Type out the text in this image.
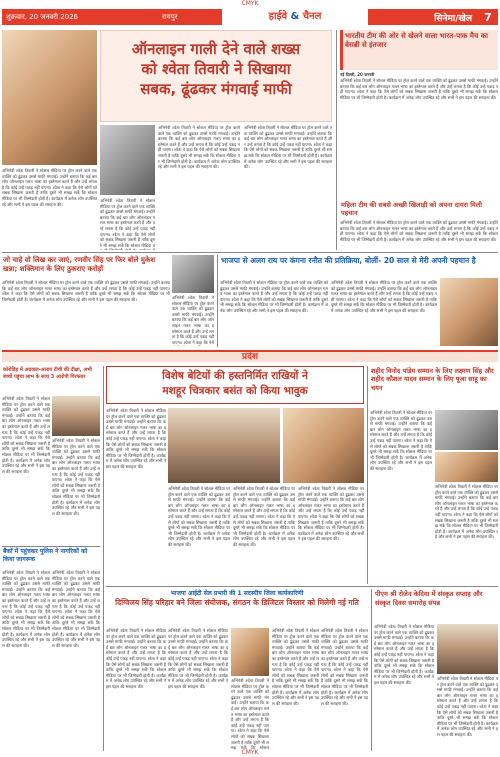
CMYK
शुक्रवार, 20 जनवरी 2026	रायपुर	हाईवे & चैनल	सिनेमा/खेल	7
ऑनलाइन गाली देने वाले शख्स
को श्वेता तिवारी ने सिखाया
सबक, ढूंढकर मंगवाई माफी
अभिनेत्री श्वेता तिवारी ने सोशल मीडिया पर ट्रोल करने वाले एक व्यक्ति को ढूंढकर उससे माफी मंगवाई। उन्होंने बताया कि कई बार लोग ऑनलाइन गलत भाषा का इस्तेमाल करते हैं और उन्हें लगता है कि कोई उन्हें पकड़ नहीं पाएगा। श्वेता ने कहा कि ऐसे लोगों को सबक सिखाना जरूरी है ताकि दूसरे भी समझ सकें कि सोशल मीडिया पर भी जिम्मेदारी होती है। कार्यक्रम में अनेक लोग उपस्थित रहे और सभी ने इस पहल की सराहना की।
अभिनेत्री श्वेता तिवारी ने सोशल मीडिया पर ट्रोल करने वाले एक व्यक्ति को ढूंढकर उससे माफी मंगवाई। उन्होंने बताया कि कई बार लोग ऑनलाइन गलत भाषा का इस्तेमाल करते हैं और उन्हें लगता है कि कोई उन्हें पकड़ नहीं पाएगा। श्वेता ने कहा कि ऐसे लोगों को सबक सिखाना जरूरी है ताकि दूसरे भी समझ सकें कि सोशल मीडिया पर भी जिम्मेदारी होती है। कार्यक्रम में अनेक लोग उपस्थित रहे और सभी ने इस पहल की सराहना की।
अभिनेत्री श्वेता तिवारी ने सोशल मीडिया पर ट्रोल करने वाले एक व्यक्ति को ढूंढकर उससे माफी मंगवाई। उन्होंने बताया कि कई बार लोग ऑनलाइन गलत भाषा का इस्तेमाल करते हैं और उन्हें लगता है कि कोई उन्हें पकड़ नहीं पाएगा। श्वेता ने कहा कि ऐसे लोगों को सबक सिखाना जरूरी है ताकि दूसरे भी समझ सकें कि सोशल मीडिया पर भी जिम्मेदारी होती है। कार्यक्रम में अनेक लोग उपस्थित रहे और सभी ने इस पहल की सराहना की।
अभिनेत्री श्वेता तिवारी ने सोशल मीडिया पर ट्रोल करने वाले एक व्यक्ति को ढूंढकर उससे माफी मंगवाई। उन्होंने बताया कि कई बार लोग ऑनलाइन गलत भाषा का इस्तेमाल करते हैं और उन्हें लगता है कि कोई उन्हें पकड़ नहीं पाएगा। श्वेता ने कहा कि ऐसे लोगों को सबक सिखाना जरूरी है ताकि दूसरे भी समझ सकें कि सोशल मीडिया प
भारतीय टीम की ओर से खेलने वाला भारत-पाक मैच का बेसब्री से इंतजार
नई दिल्ली, 20 जनवरी
अभिनेत्री श्वेता तिवारी ने सोशल मीडिया पर ट्रोल करने वाले एक व्यक्ति को ढूंढकर उससे माफी मंगवाई। उन्होंने बताया कि कई बार लोग ऑनलाइन गलत भाषा का इस्तेमाल करते हैं और उन्हें लगता है कि कोई उन्हें पकड़ नहीं पाएगा। श्वेता ने कहा कि ऐसे लोगों को सबक सिखाना जरूरी है ताकि दूसरे भी समझ सकें कि सोशल मीडिया पर भी जिम्मेदारी होती है। कार्यक्रम में अनेक लोग उपस्थित रहे और सभी ने इस पहल की सराहना की।
महिला टीम की सबसे अच्छी खिलाड़ी को अपना दायरा मिली पहचान
अभिनेत्री श्वेता तिवारी ने सोशल मीडिया पर ट्रोल करने वाले एक व्यक्ति को ढूंढकर उससे माफी मंगवाई। उन्होंने बताया कि कई बार लोग ऑनलाइन गलत भाषा का इस्तेमाल करते हैं और उन्हें लगता है कि कोई उन्हें पकड़ नहीं पाएगा। श्वेता ने कहा कि ऐसे लोगों को सबक सिखाना जरूरी है ताकि दूसरे भी समझ सकें कि सोशल मीडिया पर भी जिम्मेदारी होती है। कार्यक्रम में अनेक लोग उपस्थित रहे और सभी ने इस पहल की सराहना की।
जो चाहे वो लिख कर जाएं, रणवीर सिंह पर फिर बोले मुकेश खन्ना; शक्तिमान के लिए ठुकराए करोड़ों
अभिनेत्री श्वेता तिवारी ने सोशल मीडिया पर ट्रोल करने वाले एक व्यक्ति को ढूंढकर उससे माफी मंगवाई। उन्होंने बताया कि कई बार लोग ऑनलाइन गलत भाषा का इस्तेमाल करते हैं और उन्हें लगता है कि कोई उन्हें पकड़ नहीं पाएगा। श्वेता ने कहा कि ऐसे लोगों को सबक सिखाना जरूरी है ताकि दूसरे भी समझ सकें कि सोशल मीडिया पर भी जिम्मेदारी होती है। कार्यक्रम में अनेक लोग उपस्थित रहे और सभी ने इस पहल की सराहना की।	अभिनेत्री श्वेता तिवारी ने सोशल मीडिया पर ट्रोल करने वाले एक व्यक्ति को ढूंढकर उससे माफी मंगवाई। उन्होंने बताया कि कई बार लोग ऑनलाइन गलत भाषा का इस्तेमाल करते हैं और उन्हें लगता है कि कोई उन्हें पकड़ नहीं पाएगा। श्वेता ने कहा कि ऐसे
भाजपा से अलग राय पर कंगना रनौत की प्रतिक्रिया, बोलीं- 20 साल से मेरी अपनी पहचान है
अभिनेत्री श्वेता तिवारी ने सोशल मीडिया पर ट्रोल करने वाले एक व्यक्ति को ढूंढकर उससे माफी मंगवाई। उन्होंने बताया कि कई बार लोग ऑनलाइन गलत भाषा का इस्तेमाल करते हैं और उन्हें लगता है कि कोई उन्हें पकड़ नहीं पाएगा। श्वेता ने कहा कि ऐसे लोगों को सबक सिखाना जरूरी है ताकि दूसरे भी समझ सकें कि सोशल मीडिया पर भी जिम्मेदारी होती है। कार्यक्रम में अनेक लोग उपस्थित रहे और सभी ने इस पहल की सराहना की।
अभिनेत्री श्वेता तिवारी ने सोशल मीडिया पर ट्रोल करने वाले एक व्यक्ति को ढूंढकर उससे माफी मंगवाई। उन्होंने बताया कि कई बार लोग ऑनलाइन गलत भाषा का इस्तेमाल करते हैं और उन्हें लगता है कि कोई उन्हें पकड़ नहीं पाएगा। श्वेता ने कहा कि ऐसे लोगों को सबक सिखाना जरूरी है ताकि दूसरे भी समझ सकें कि सोशल मीडिया पर भी जिम्मेदारी होती है। कार्यक्रम में अनेक लोग उपस्थित रहे और सभी ने इस पहल की सराहना की।
प्रदेश
कोरोडिह में अग्रवाल-अलाय टीची की दीक्षा, अभी बच्चों पहुंचा लाभ के साथ 3 आरोपी गिरफ्तार
अभिनेत्री श्वेता तिवारी ने सोशल मीडिया पर ट्रोल करने वाले एक व्यक्ति को ढूंढकर उससे माफी मंगवाई। उन्होंने बताया कि कई बार लोग ऑनलाइन गलत भाषा का इस्तेमाल करते हैं और उन्हें लगता है कि कोई उन्हें पकड़ नहीं पाएगा। श्वेता ने कहा कि ऐसे लोगों को सबक सिखाना जरूरी है ताकि दूसरे भी समझ सकें कि सोशल मीडिया पर भी जिम्मेदारी होती है। कार्यक्रम में अनेक लोग उपस्थित रहे और सभी ने इस पहल की सराहना की।
अभिनेत्री श्वेता तिवारी ने सोशल मीडिया पर ट्रोल करने वाले एक व्यक्ति को ढूंढकर उससे माफी मंगवाई। उन्होंने बताया कि कई बार लोग ऑनलाइन गलत भाषा का इस्तेमाल करते हैं और उन्हें लगता है कि कोई उन्हें पकड़ नहीं पाएगा। श्वेता ने कहा कि ऐसे लोगों को सबक सिखाना जरूरी है ताकि दूसरे भी समझ सकें कि सोशल मीडिया पर भी जिम्मेदारी होती है। कार्यक्रम में अनेक लोग उपस्थित रहे और सभी ने इस पहल की सराहना की।
बैंकों में पहुंचकर पुलिस ने नागरिकों को किया जागरूक
अभिनेत्री श्वेता तिवारी ने सोशल मीडिया पर ट्रोल करने वाले एक व्यक्ति को ढूंढकर उससे माफी मंगवाई। उन्होंने बताया कि कई बार लोग ऑनलाइन गलत भाषा का इस्तेमाल करते हैं और उन्हें लगता है कि कोई उन्हें पकड़ नहीं पाएगा। श्वेता ने कहा कि ऐसे लोगों को सबक सिखाना जरूरी है ताकि दूसरे भी समझ सकें कि सोशल मीडिया पर भी जिम्मेदारी होती है। कार्यक्रम में अनेक लोग उपस्थित रहे और सभी ने इस पहल की सराहना की।
अभिनेत्री श्वेता तिवारी ने सोशल मीडिया पर ट्रोल करने वाले एक व्यक्ति को ढूंढकर उससे माफी मंगवाई। उन्होंने बताया कि कई बार लोग ऑनलाइन गलत भाषा का इस्तेमाल करते हैं और उन्हें लगता है कि कोई उन्हें पकड़ नहीं पाएगा। श्वेता ने कहा कि ऐसे लोगों को सबक सिखाना जरूरी है ताकि दूसरे भी समझ सकें कि सोशल मीडिया पर भी जिम्मेदारी होती है। कार्यक्रम में अनेक लोग उपस्थित रहे और सभी ने इस पहल की सराहना की।
विशेष बेटियों की हस्तनिर्मित राखियों ने
मशहूर चित्रकार बसंत को किया भावुक
अभिनेत्री श्वेता तिवारी ने सोशल मीडिया पर ट्रोल करने वाले एक व्यक्ति को ढूंढकर उससे माफी मंगवाई। उन्होंने बताया कि कई बार लोग ऑनलाइन गलत भाषा का इस्तेमाल करते हैं और उन्हें लगता है कि कोई उन्हें पकड़ नहीं पाएगा। श्वेता ने कहा कि ऐसे लोगों को सबक सिखाना जरूरी है ताकि दूसरे भी समझ सकें कि सोशल मीडिया पर भी जिम्मेदारी होती है। कार्यक्रम में अनेक लोग उपस्थित रहे और सभी ने इस पहल की सराहना की।
अभिनेत्री श्वेता तिवारी ने सोशल मीडिया पर ट्रोल करने वाले एक व्यक्ति को ढूंढकर उससे माफी मंगवाई। उन्होंने बताया कि कई बार लोग ऑनलाइन गलत भाषा का इस्तेमाल करते हैं और उन्हें लगता है कि कोई उन्हें पकड़ नहीं पाएगा। श्वेता ने कहा कि ऐसे लोगों को सबक सिखाना जरूरी है ताकि दूसरे भी समझ सकें कि सोशल मीडिया पर भी जिम्मेदारी होती है। कार्यक्रम में अनेक लोग उपस्थित रहे और सभी ने इस पहल की सराहना की।
अभिनेत्री श्वेता तिवारी ने सोशल मीडिया पर ट्रोल करने वाले एक व्यक्ति को ढूंढकर उससे माफी मंगवाई। उन्होंने बताया कि कई बार लोग ऑनलाइन गलत भाषा का इस्तेमाल करते हैं और उन्हें लगता है कि कोई उन्हें पकड़ नहीं पाएगा। श्वेता ने कहा कि ऐसे लोगों को सबक सिखाना जरूरी है ताकि दूसरे भी समझ सकें कि सोशल मीडिया पर भी जिम्मेदारी होती है। कार्यक्रम में अनेक लोग उपस्थित रहे और सभी ने इस पहल की सराहना की।
अभिनेत्री श्वेता तिवारी ने सोशल मीडिया पर ट्रोल करने वाले एक व्यक्ति को ढूंढकर उससे माफी मंगवाई। उन्होंने बताया कि कई बार लोग ऑनलाइन गलत भाषा का इस्तेमाल करते हैं और उन्हें लगता है कि कोई उन्हें पकड़ नहीं पाएगा। श्वेता ने कहा कि ऐसे लोगों को सबक सिखाना जरूरी है ताकि दूसरे भी समझ सकें कि सोशल मीडिया पर भी जिम्मेदारी होती है। कार्यक्रम में अनेक लोग उपस्थित रहे और सभी ने इस पहल की सराहना की।
शहीद विनोद पांडेय सम्मान के लिए लक्ष्मण सिंह और शहीद कौशल यादव सम्मान के लिए पूजा साहू का चयन
अभिनेत्री श्वेता तिवारी ने सोशल मीडिया पर ट्रोल करने वाले एक व्यक्ति को ढूंढकर उससे माफी मंगवाई। उन्होंने बताया कि कई बार लोग ऑनलाइन गलत भाषा का इस्तेमाल करते हैं और उन्हें लगता है कि कोई उन्हें पकड़ नहीं पाएगा। श्वेता ने कहा कि ऐसे लोगों को सबक सिखाना जरूरी है ताकि दूसरे भी समझ सकें कि सोशल मीडिया पर भी जिम्मेदारी होती है। कार्यक्रम में अनेक लोग उपस्थित रहे और सभी ने इस पहल की सराहना की।
अभिनेत्री श्वेता तिवारी ने सोशल मीडिया पर ट्रोल करने वाले एक व्यक्ति को ढूंढकर उससे माफी मंगवाई। उन्होंने बताया कि कई बार लोग ऑनलाइन गलत भाषा का इस्तेमाल करते हैं और उन्हें लगता है कि कोई उन्हें पकड़ नहीं पाएगा। श्वेता ने कहा कि ऐसे लोगों को सबक सिखाना जरूरी है ताकि दूसरे भी समझ सकें कि सोशल मीडिया पर भी जिम्मेदारी होती है। कार्यक्रम में अनेक लोग उपस्थित रहे और सभी ने इस पहल की सराहना की।
भाजपा आईटी सेल प्रभारी की 1 सदस्यीय जिला कार्यकारिणी
दिग्विजय सिंह परिहार बने जिला संयोजक, संगठन के डिजिटल विस्तार को मिलेगी नई गति
अभिनेत्री श्वेता तिवारी ने सोशल मीडिया पर ट्रोल करने वाले एक व्यक्ति को ढूंढकर उससे माफी मंगवाई। उन्होंने बताया कि कई बार लोग ऑनलाइन गलत भाषा का इस्तेमाल करते हैं और उन्हें लगता है कि कोई उन्हें पकड़ नहीं पाएगा। श्वेता ने कहा कि ऐसे लोगों को सबक सिखाना जरूरी है ताकि दूसरे भी समझ सकें कि सोशल मीडिया पर भी जिम्मेदारी होती है। कार्यक्रम में अनेक लोग उपस्थित रहे और सभी ने इस पहल की सराहना की।
अभिनेत्री श्वेता तिवारी ने सोशल मीडिया पर ट्रोल करने वाले एक व्यक्ति को ढूंढकर उससे माफी मंगवाई। उन्होंने बताया कि कई बार लोग ऑनलाइन गलत भाषा का इस्तेमाल करते हैं और उन्हें लगता है कि कोई उन्हें पकड़ नहीं पाएगा। श्वेता ने कहा कि ऐसे लोगों को सबक सिखाना जरूरी है ताकि दूसरे भी समझ सकें कि सोशल मीडिया पर भी जिम्मेदारी होती है। कार्यक्रम में अनेक लोग उपस्थित रहे और सभी ने इस पहल की सराहना की।
अभिनेत्री श्वेता तिवारी ने सोशल मीडिया पर ट्रोल करने वाले एक व्यक्ति को ढूंढकर उससे माफी मंगवाई। उन्होंने बताया कि कई बार लोग ऑनलाइन गलत भाषा का इस्तेमाल करते हैं और उन्हें लगता है कि कोई उन्हें पकड़ नहीं पाएगा। श्वेता ने कहा कि ऐसे लोगों को सबक सिखाना जरूरी है ताकि दूसरे भी समझ सकें कि सोशल
अभिनेत्री श्वेता तिवारी ने सोशल मीडिया पर ट्रोल करने वाले एक व्यक्ति को ढूंढकर उससे माफी मंगवाई। उन्होंने बताया कि कई बार लोग ऑनलाइन गलत भाषा का इस्तेमाल करते हैं और उन्हें लगता है कि कोई उन्हें पकड़ नहीं पाएगा। श्वेता ने कहा कि ऐसे लोगों को सबक सिखाना जरूरी है ताकि दूसरे भी समझ सकें कि सोशल मीडिया पर भी जिम्मेदारी होती है। कार्यक्रम में अनेक लोग उपस्थित रहे और सभी ने इस पहल की सराहना की।
अभिनेत्री श्वेता तिवारी ने सोशल मीडिया पर ट्रोल करने वाले एक व्यक्ति को ढूंढकर उससे माफी मंगवाई। उन्होंने बताया कि कई बार लोग ऑनलाइन गलत भाषा का इस्तेमाल करते हैं और उन्हें लगता है कि कोई उन्हें पकड़ नहीं पाएगा। श्वेता ने कहा कि ऐसे लोगों को सबक सिखाना जरूरी है ताकि दूसरे भी समझ सकें कि सोशल मीडिया पर भी जिम्मेदारी होती है। कार्यक्रम में अनेक लोग उपस्थित रहे और सभी ने इस पहल की सराहना की।
पीएम श्री रोजेन केदिया में संस्कृत सप्ताह और संस्कृत दिवस समारोह संपन्न
अभिनेत्री श्वेता तिवारी ने सोशल मीडिया पर ट्रोल करने वाले एक व्यक्ति को ढूंढकर उससे माफी मंगवाई। उन्होंने बताया कि कई बार लोग ऑनलाइन गलत भाषा का इस्तेमाल करते हैं और उन्हें लगता है कि कोई उन्हें पकड़ नहीं पाएगा। श्वेता ने कहा कि ऐसे लोगों को सबक सिखाना जरूरी है ताकि दूसरे भी समझ सकें कि सोशल मीडिया पर भी जिम्मेदारी होती है। कार्यक्रम में अनेक लोग उपस्थित रहे और सभी ने इस पहल की सराहना की।
अभिनेत्री श्वेता तिवारी ने सोशल मीडिया पर ट्रोल करने वाले एक व्यक्ति को ढूंढकर उससे माफी मंगवाई। उन्होंने बताया कि कई बार लोग ऑनलाइन गलत भाषा का इस्तेमाल करते हैं और उन्हें लगता है कि कोई उन्हें पकड़ नहीं पाएगा। श्वेता ने कहा कि ऐसे लोगों को सबक सिखाना जरूरी है ताकि दूसरे भी समझ सकें कि सोशल मीडिया पर भी जिम्मेदारी होती है। कार्यक्रम में अनेक लोग उपस्थित रहे और सभी ने इस पहल की सराहना की।
CMYK
